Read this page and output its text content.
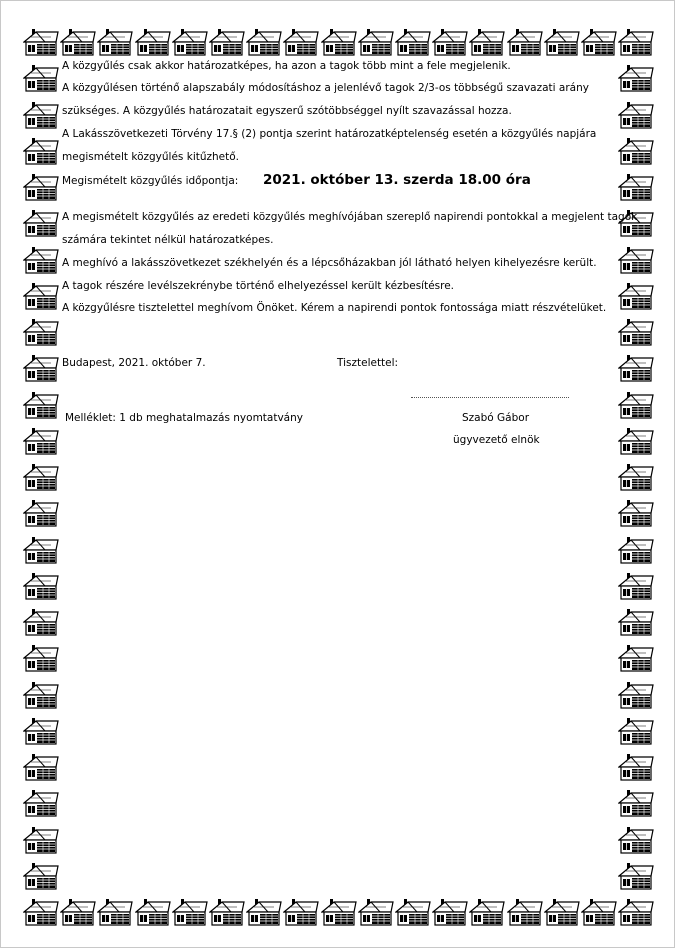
A közgyűlés csak akkor határozatképes, ha azon a tagok több mint a fele megjelenik.
A közgyűlésen történő alapszabály módosításhoz a jelenlévő tagok 2/3-os többségű szavazati arány
szükséges. A közgyűlés határozatait egyszerű szótöbbséggel nyílt szavazással hozza.
A Lakásszövetkezeti Törvény 17.§ (2) pontja szerint határozatképtelenség esetén a közgyűlés napjára
megismételt közgyűlés kitűzhető.
Megismételt közgyűlés időpontja: 2021. október 13. szerda 18.00 óra
A megismételt közgyűlés az eredeti közgyűlés meghívójában szereplő napirendi pontokkal a megjelent tagok
számára tekintet nélkül határozatképes.
A meghívó a lakásszövetkezet székhelyén és a lépcsőházakban jól látható helyen kihelyezésre került.
A tagok részére levélszekrénybe történő elhelyezéssel került kézbesítésre.
A közgyűlésre tisztelettel meghívom Önöket. Kérem a napirendi pontok fontossága miatt részvételüket.
Budapest, 2021. október 7.	Tisztelettel:
Melléklet: 1 db meghatalmazás nyomtatvány	Szabó Gábor
ügyvezető elnök
